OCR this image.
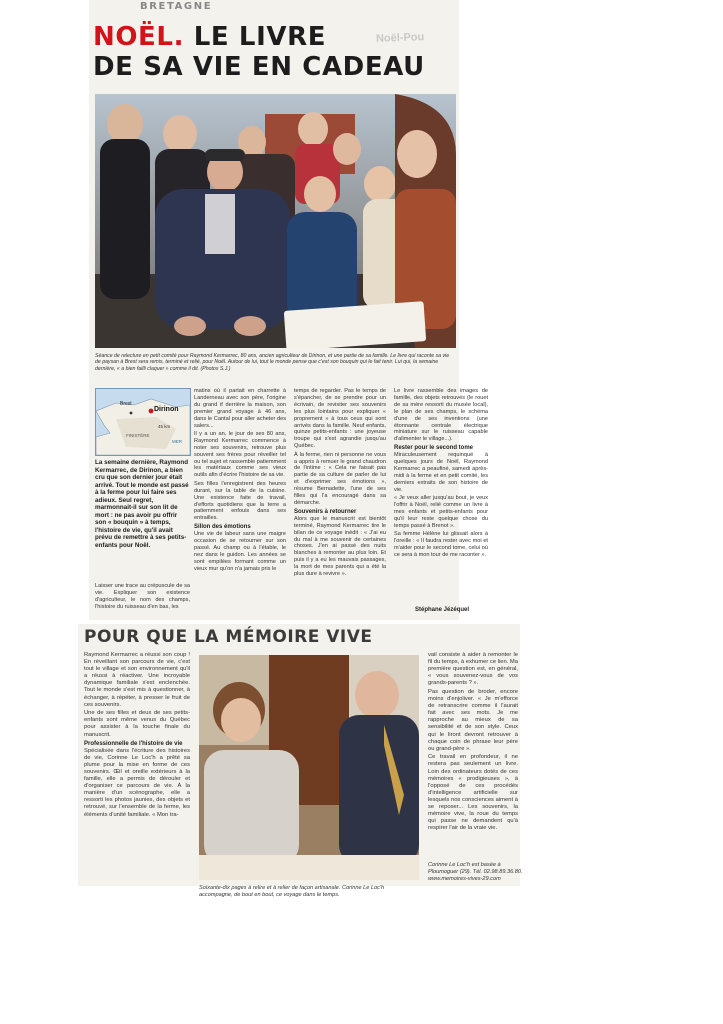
BRETAGNE
Noël-Pou
NOËL. LE LIVRE
DE SA VIE EN CADEAU
Séance de relecture en petit comité pour Raymond Kermarrec, 80 ans, ancien agriculteur de Dirinon, et une partie de sa famille. Le livre qui raconte sa vie de paysan à Brest sera remis, terminé et relié, pour Noël. Autour de lui, tout le monde pense que c'est son bouquin qui le fait tenir. Lui qui, la semaine dernière, « a bien failli claquer » comme il dit. (Photos S.J.)
Dirinon
Brest
FINISTÈRE
45 km
MER
La semaine dernière, Raymond Kermarrec, de Dirinon, a bien cru que son dernier jour était arrivé. Tout le monde est passé à la ferme pour lui faire ses adieux. Seul regret, marmonnait-il sur son lit de mort : ne pas avoir pu offrir son « bouquin » à temps, l'histoire de vie, qu'il avait prévu de remettre à ses petits-enfants pour Noël.

Laisser une trace au crépuscule de sa vie. Expliquer son existence d'agriculteur, le nom des champs, l'histoire du ruisseau d'en bas, les

matins où il partait en charrette à Landerneau avec son père, l'origine du grand if derrière la maison, son premier grand voyage à 46 ans, dans le Cantal pour aller acheter des salers...

Il y a un an, le jour de ses 80 ans, Raymond Kermarrec commence à noter ses souvenirs, retrouve plus souvent ses frères pour réveiller tel ou tel sujet et rassemble patiemment les matériaux comme ses vieux outils afin d'écrire l'histoire de sa vie.

Ses filles l'enregistrent des heures durant, sur la table de la cuisine. Une existence faite de travail, d'efforts quotidiens que la terre a patiemment enfouis dans ses entrailles.

Sillon des émotions

Une vie de labeur sans une maigre occasion de se retourner sur son passé. Au champ ou à l'étable, le nez dans le guidon. Les années se sont empilées formant comme un vieux mur qu'on n'a jamais pris le

temps de regarder. Pas le temps de s'épancher, de se prendre pour un écrivain, de revisiter ses souvenirs les plus lointains pour expliquer « proprement » à tous ceux qui sont arrivés dans la famille. Neuf enfants, quinze petits-enfants : une joyeuse troupe qui s'est agrandie jusqu'au Québec.

À la ferme, rien ni personne ne vous a appris à remuer le grand chaudron de l'intime : « Cela ne faisait pas partie de sa culture de parler de lui et d'exprimer ses émotions », résume Bernadette, l'une de ses filles qui l'a encouragé dans sa démarche.

Souvenirs à retourner

Alors que le manuscrit est bientôt terminé, Raymond Kermarrec tire le bilan de ce voyage inédit : « J'ai eu du mal à me souvenir de certaines choses. J'en ai passé des nuits blanches à remonter au plus loin. Et puis il y a eu les mauvais passages, la mort de mes parents qui a été la plus dure à revivre ».

Le livre rassemble des images de famille, des objets retrouvés (le rouet de sa mère ressorti du musée local), le plan de ses champs, le schéma d'une de ses inventions (une étonnante centrale électrique miniature sur le ruisseau capable d'alimenter le village...).

Rester pour le second tome

Miraculeusement requinqué à quelques jours de Noël, Raymond Kermarrec a peaufiné, samedi après-midi à la ferme et en petit comité, les derniers extraits de son histoire de vie.

« Je veux aller jusqu'au bout, je veux l'offrir à Noël, relié comme un livre à mes enfants et petits-enfants pour qu'il leur reste quelque chose du temps passé à Brenot ».

Sa femme Hélène lui glissait alors à l'oreille : « Il faudra rester avec moi et m'aider pour le second tome, celui où ce sera à mon tour de me raconter ».

Stéphane Jézéquel
POUR QUE LA MÉMOIRE VIVE

Raymond Kermarrec a réussi son coup ! En réveillant son parcours de vie, c'est tout le village et son environnement qu'il a réussi à réactiver. Une incroyable dynamique familiale s'est enclenchée. Tout le monde s'est mis à questionner, à échanger, à répéter, à presser le fruit de ces souvenirs.

Une de ses filles et deux de ses petits-enfants sont même venus du Québec pour assister à la touche finale du manuscrit.

Professionnelle de l'histoire de vie

Spécialisée dans l'écriture des histoires de vie, Corinne Le Loc'h a prêté sa plume pour la mise en forme de ces souvenirs. Œil et oreille extérieurs à la famille, elle a permis de dérouler et d'organiser ce parcours de vie. À la manière d'un scénographe, elle a ressorti les photos jaunies, des objets et retrouvé, sur l'ensemble de la ferme, les éléments d'unité familiale. « Mon tra-

Soixante-dix pages à relire et à relier de façon artisanale. Corinne Le Loc'h accompagne, de bout en bout, ce voyage dans le temps.

vail consiste à aider à remonter le fil du temps, à exhumer ce lien. Ma première question est, en général, « vous souvenez-vous de vos grands-parents ? ».

Pas question de broder, encore moins d'enjoliver. « Je m'efforce de retranscrire comme il l'aurait fait avec ses mots. Je me rapproche au mieux de sa sensibilité et de son style. Ceux qui le liront devront retrouver à chaque coin de phrase leur père ou grand-père ».

Ce travail en profondeur, il ne restera pas seulement un livre. Loin des ordinateurs dotés de ces mémoires « prodigieuses », à l'opposé de ces procédés d'intelligence artificielle sur lesquels nos consciences aiment à se reposer... Les souvenirs, la mémoire vive, la roue du temps qui passe ne demandent qu'à respirer l'air de la vraie vie.

Corinne Le Loc'h est basée à Ploumoguer (29). Tél. 02.98.89.36.80.
www.memoires-vives-29.com
